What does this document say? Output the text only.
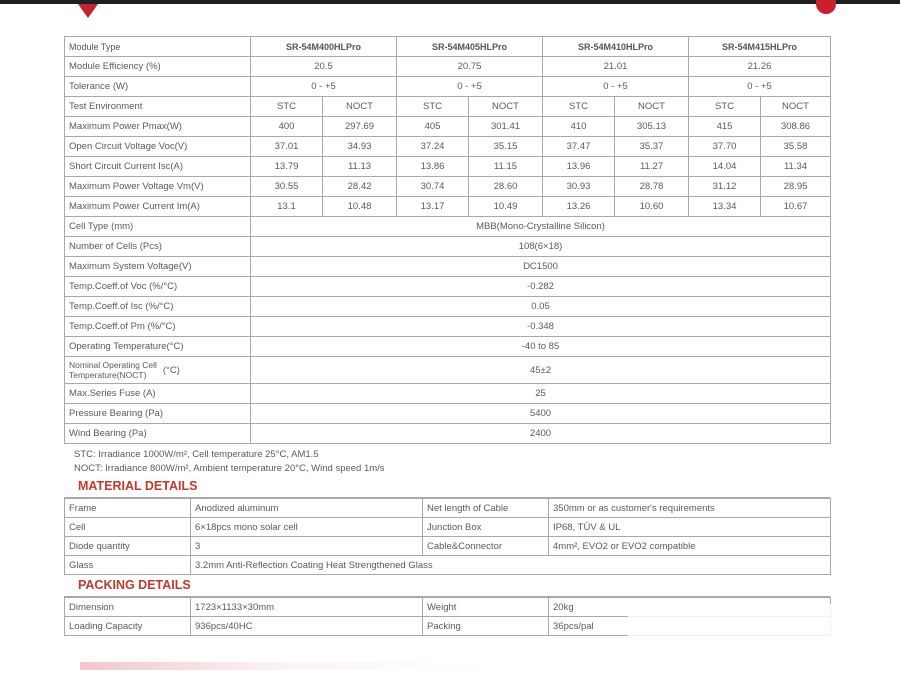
Module Type	SR-54M400HLPro		SR-54M405HLPro		SR-54M410HLPro		SR-54M415HLPro	
Module Efficiency (%)	20.5		20.75		21.01		21.26	
Tolerance (W)	0 - +5		0 - +5		0 - +5		0 - +5	
Test Environment	STC	NOCT	STC	NOCT	STC	NOCT	STC	NOCT
Maximum Power Pmax(W)	400	297.69	405	301.41	410	305.13	415	308.86
Open Circuit Voltage Voc(V)	37.01	34.93	37.24	35.15	37.47	35.37	37.70	35.58
Short Circuit Current Isc(A)	13.79	11.13	13.86	11.15	13.96	11.27	14.04	11.34
Maximum Power Voltage Vm(V)	30.55	28.42	30.74	28.60	30.93	28.78	31.12	28.95
Maximum Power Current Im(A)	13.1	10.48	13.17	10.49	13.26	10.60	13.34	10.67
Cell Type (mm)	MBB(Mono-Crystalline Silicon)							
Number of Cells (Pcs)	108(6×18)							
Maximum System Voltage(V)	DC1500							
Temp.Coeff.of Voc (%/°C)	-0.282							
Temp.Coeff.of Isc (%/°C)	0.05							
Temp.Coeff.of Pm (%/°C)	-0.348							
Operating Temperature(°C)	-40 to 85							
Nominal Operating Cell
Temperature(NOCT) (°C)	45±2							
Max.Series Fuse (A)	25							
Pressure Bearing (Pa)	5400							
Wind Bearing (Pa)	2400							
STC: Irradiance 1000W/m², Cell temperature 25°C, AM1.5
NOCT: Irradiance 800W/m², Ambient temperature 20°C, Wind speed 1m/s
MATERIAL DETAILS
Frame	Anodized aluminum	Net length of Cable	350mm or as customer's requirements
Cell	6×18pcs mono solar cell	Junction Box	IP68, TÜV & UL
Diode quantity	3	Cable&Connector	4mm², EVO2 or EVO2 compatible
Glass	3.2mm Anti-Reflection Coating Heat Strengthened Glass		
PACKING DETAILS
Dimension	1723×1133×30mm	Weight	20kg
Loading Capacity	936pcs/40HC	Packing	36pcs/pal
